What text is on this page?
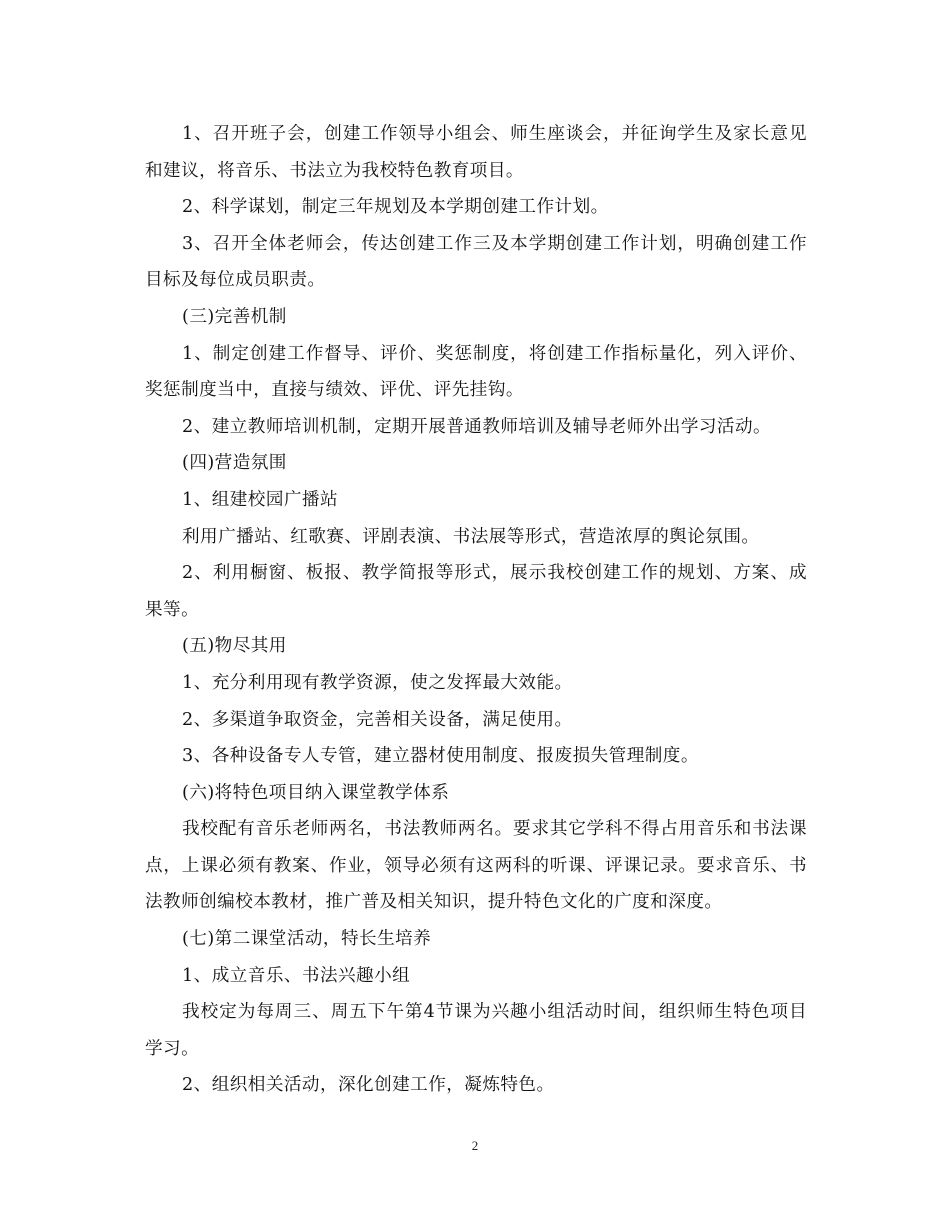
1、召开班子会，创建工作领导小组会、师生座谈会，并征询学生及家长意见和建议，将音乐、书法立为我校特色教育项目。

2、科学谋划，制定三年规划及本学期创建工作计划。

3、召开全体老师会，传达创建工作三及本学期创建工作计划，明确创建工作目标及每位成员职责。

(三)完善机制

1、制定创建工作督导、评价、奖惩制度，将创建工作指标量化，列入评价、奖惩制度当中，直接与绩效、评优、评先挂钩。

2、建立教师培训机制，定期开展普通教师培训及辅导老师外出学习活动。

(四)营造氛围

1、组建校园广播站

利用广播站、红歌赛、评剧表演、书法展等形式，营造浓厚的舆论氛围。

2、利用橱窗、板报、教学简报等形式，展示我校创建工作的规划、方案、成果等。

(五)物尽其用

1、充分利用现有教学资源，使之发挥最大效能。

2、多渠道争取资金，完善相关设备，满足使用。

3、各种设备专人专管，建立器材使用制度、报废损失管理制度。

(六)将特色项目纳入课堂教学体系

我校配有音乐老师两名，书法教师两名。要求其它学科不得占用音乐和书法课点，上课必须有教案、作业，领导必须有这两科的听课、评课记录。要求音乐、书法教师创编校本教材，推广普及相关知识，提升特色文化的广度和深度。

(七)第二课堂活动，特长生培养

1、成立音乐、书法兴趣小组

我校定为每周三、周五下午第4节课为兴趣小组活动时间，组织师生特色项目学习。

2、组织相关活动，深化创建工作，凝炼特色。

2
